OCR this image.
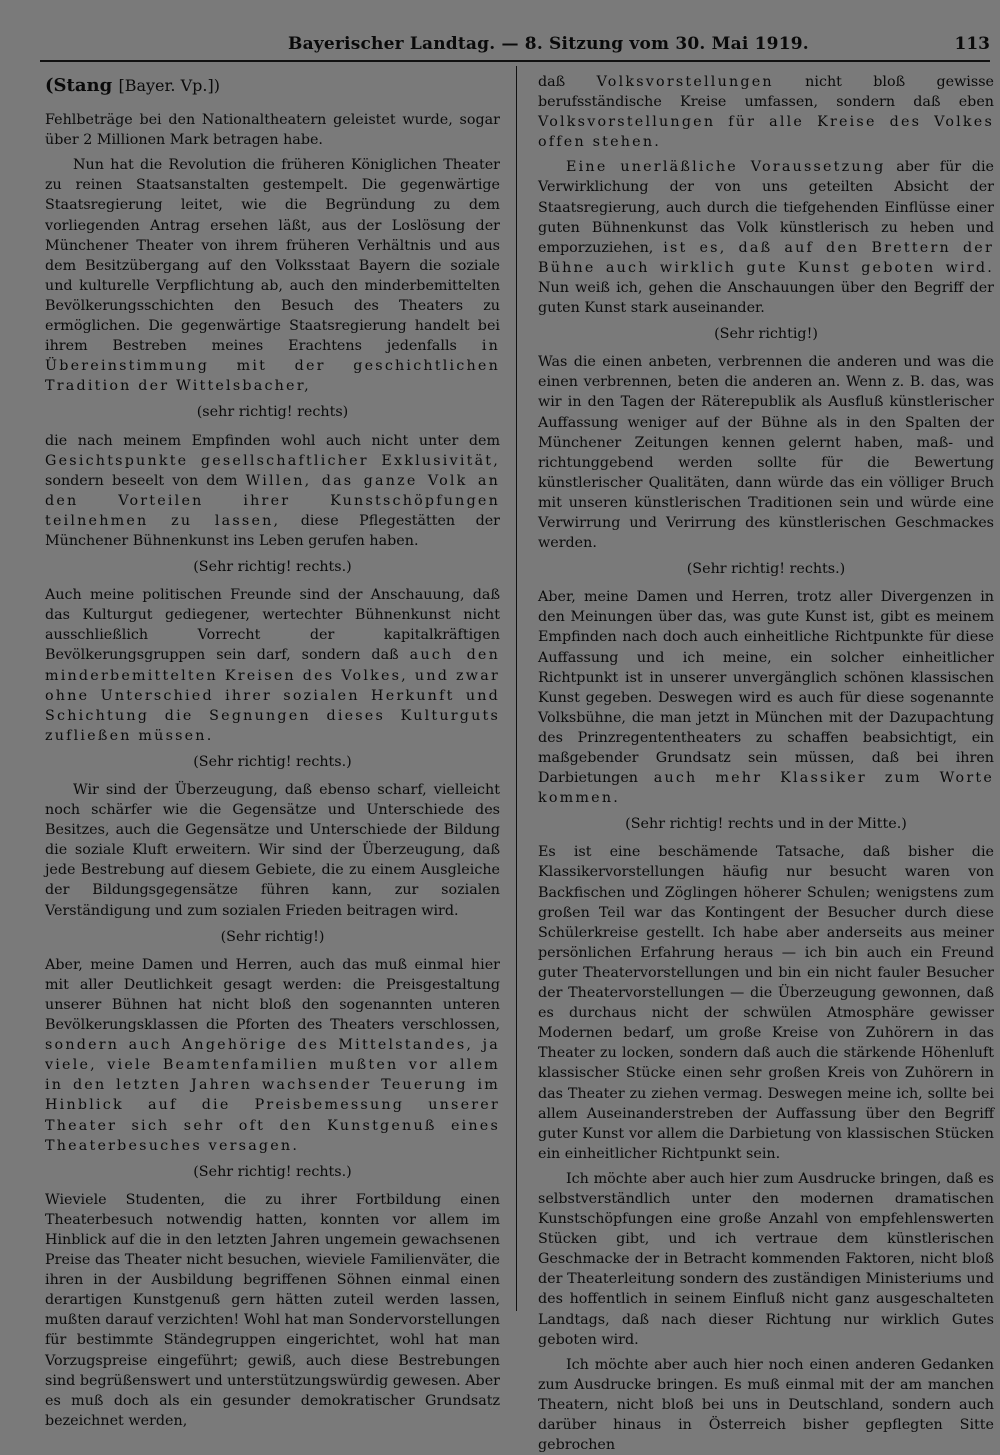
Bayerischer Landtag. — 8. Sitzung vom 30. Mai 1919.	113
(Stang [Bayer. Vp.])

Fehlbeträge bei den Nationaltheatern geleistet wurde, sogar über 2 Millionen Mark betragen habe.

Nun hat die Revolution die früheren Königlichen Theater zu reinen Staatsanstalten gestempelt. Die gegenwärtige Staatsregierung leitet, wie die Begründung zu dem vorliegenden Antrag ersehen läßt, aus der Loslösung der Münchener Theater von ihrem früheren Verhältnis und aus dem Besitzübergang auf den Volksstaat Bayern die soziale und kulturelle Verpflichtung ab, auch den minderbemittelten Bevölkerungsschichten den Besuch des Theaters zu ermöglichen. Die gegenwärtige Staatsregierung handelt bei ihrem Bestreben meines Erachtens jedenfalls in Übereinstimmung mit der geschichtlichen Tradition der Wittelsbacher,

(sehr richtig! rechts)

die nach meinem Empfinden wohl auch nicht unter dem Gesichtspunkte gesellschaftlicher Exklusivität, sondern beseelt von dem Willen, das ganze Volk an den Vorteilen ihrer Kunstschöpfungen teilnehmen zu lassen, diese Pflegestätten der Münchener Bühnenkunst ins Leben gerufen haben.

(Sehr richtig! rechts.)

Auch meine politischen Freunde sind der Anschauung, daß das Kulturgut gediegener, wertechter Bühnenkunst nicht ausschließlich Vorrecht der kapitalkräftigen Bevölkerungsgruppen sein darf, sondern daß auch den minderbemittelten Kreisen des Volkes, und zwar ohne Unterschied ihrer sozialen Herkunft und Schichtung die Segnungen dieses Kulturguts zufließen müssen.

(Sehr richtig! rechts.)

Wir sind der Überzeugung, daß ebenso scharf, vielleicht noch schärfer wie die Gegensätze und Unterschiede des Besitzes, auch die Gegensätze und Unterschiede der Bildung die soziale Kluft erweitern. Wir sind der Überzeugung, daß jede Bestrebung auf diesem Gebiete, die zu einem Ausgleiche der Bildungsgegensätze führen kann, zur sozialen Verständigung und zum sozialen Frieden beitragen wird.

(Sehr richtig!)

Aber, meine Damen und Herren, auch das muß einmal hier mit aller Deutlichkeit gesagt werden: die Preisgestaltung unserer Bühnen hat nicht bloß den sogenannten unteren Bevölkerungsklassen die Pforten des Theaters verschlossen, sondern auch Angehörige des Mittelstandes, ja viele, viele Beamtenfamilien mußten vor allem in den letzten Jahren wachsender Teuerung im Hinblick auf die Preisbemessung unserer Theater sich sehr oft den Kunstgenuß eines Theaterbesuches versagen.

(Sehr richtig! rechts.)

Wieviele Studenten, die zu ihrer Fortbildung einen Theaterbesuch notwendig hatten, konnten vor allem im Hinblick auf die in den letzten Jahren ungemein gewachsenen Preise das Theater nicht besuchen, wieviele Familienväter, die ihren in der Ausbildung begriffenen Söhnen einmal einen derartigen Kunstgenuß gern hätten zuteil werden lassen, mußten darauf verzichten! Wohl hat man Sondervorstellungen für bestimmte Ständegruppen eingerichtet, wohl hat man Vorzugspreise eingeführt; gewiß, auch diese Bestrebungen sind begrüßenswert und unterstützungswürdig gewesen. Aber es muß doch als ein gesunder demokratischer Grundsatz bezeichnet werden,

daß Volksvorstellungen nicht bloß gewisse berufsständische Kreise umfassen, sondern daß eben Volksvorstellungen für alle Kreise des Volkes offen stehen.

Eine unerläßliche Voraussetzung aber für die Verwirklichung der von uns geteilten Absicht der Staatsregierung, auch durch die tiefgehenden Einflüsse einer guten Bühnenkunst das Volk künstlerisch zu heben und emporzuziehen, ist es, daß auf den Brettern der Bühne auch wirklich gute Kunst geboten wird. Nun weiß ich, gehen die Anschauungen über den Begriff der guten Kunst stark auseinander.

(Sehr richtig!)

Was die einen anbeten, verbrennen die anderen und was die einen verbrennen, beten die anderen an. Wenn z. B. das, was wir in den Tagen der Räterepublik als Ausfluß künstlerischer Auffassung weniger auf der Bühne als in den Spalten der Münchener Zeitungen kennen gelernt haben, maß- und richtunggebend werden sollte für die Bewertung künstlerischer Qualitäten, dann würde das ein völliger Bruch mit unseren künstlerischen Traditionen sein und würde eine Verwirrung und Verirrung des künstlerischen Geschmackes werden.

(Sehr richtig! rechts.)

Aber, meine Damen und Herren, trotz aller Divergenzen in den Meinungen über das, was gute Kunst ist, gibt es meinem Empfinden nach doch auch einheitliche Richtpunkte für diese Auffassung und ich meine, ein solcher einheitlicher Richtpunkt ist in unserer unvergänglich schönen klassischen Kunst gegeben. Deswegen wird es auch für diese sogenannte Volksbühne, die man jetzt in München mit der Dazupachtung des Prinzregententheaters zu schaffen beabsichtigt, ein maßgebender Grundsatz sein müssen, daß bei ihren Darbietungen auch mehr Klassiker zum Worte kommen.

(Sehr richtig! rechts und in der Mitte.)

Es ist eine beschämende Tatsache, daß bisher die Klassikervorstellungen häufig nur besucht waren von Backfischen und Zöglingen höherer Schulen; wenigstens zum großen Teil war das Kontingent der Besucher durch diese Schülerkreise gestellt. Ich habe aber anderseits aus meiner persönlichen Erfahrung heraus — ich bin auch ein Freund guter Theatervorstellungen und bin ein nicht fauler Besucher der Theatervorstellungen — die Überzeugung gewonnen, daß es durchaus nicht der schwülen Atmosphäre gewisser Modernen bedarf, um große Kreise von Zuhörern in das Theater zu locken, sondern daß auch die stärkende Höhenluft klassischer Stücke einen sehr großen Kreis von Zuhörern in das Theater zu ziehen vermag. Deswegen meine ich, sollte bei allem Auseinanderstreben der Auffassung über den Begriff guter Kunst vor allem die Darbietung von klassischen Stücken ein einheitlicher Richtpunkt sein.

Ich möchte aber auch hier zum Ausdrucke bringen, daß es selbstverständlich unter den modernen dramatischen Kunstschöpfungen eine große Anzahl von empfehlenswerten Stücken gibt, und ich vertraue dem künstlerischen Geschmacke der in Betracht kommenden Faktoren, nicht bloß der Theaterleitung sondern des zuständigen Ministeriums und des hoffentlich in seinem Einfluß nicht ganz ausgeschalteten Landtags, daß nach dieser Richtung nur wirklich Gutes geboten wird.

Ich möchte aber auch hier noch einen anderen Gedanken zum Ausdrucke bringen. Es muß einmal mit der am manchen Theatern, nicht bloß bei uns in Deutschland, sondern auch darüber hinaus in Österreich bisher gepflegten Sitte gebrochen
